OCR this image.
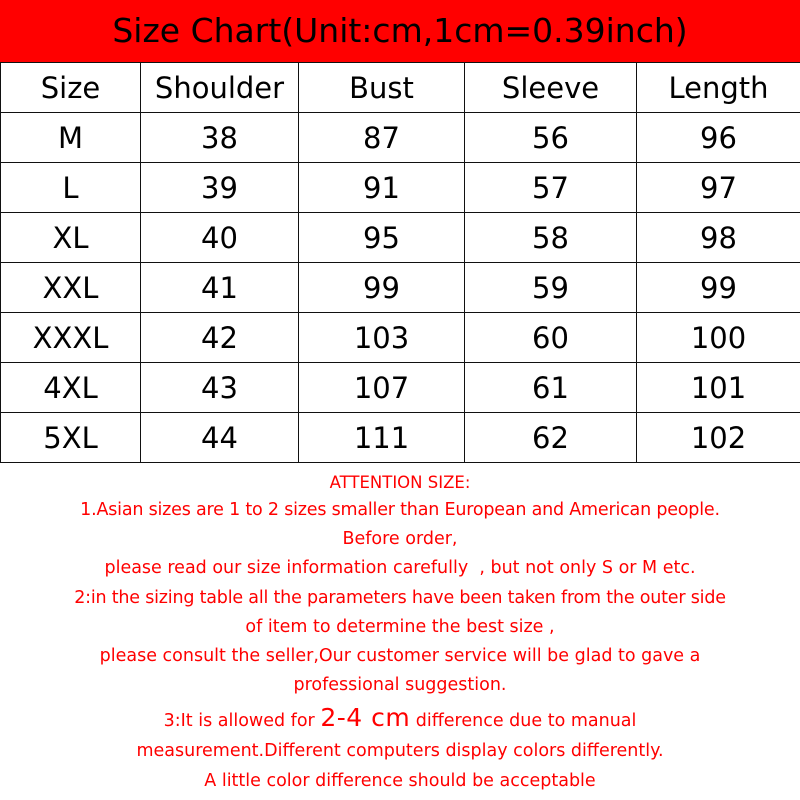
Size Chart(Unit:cm,1cm=0.39inch)
Size	Shoulder	Bust	Sleeve	Length
M	38	87	56	96
L	39	91	57	97
XL	40	95	58	98
XXL	41	99	59	99
XXXL	42	103	60	100
4XL	43	107	61	101
5XL	44	111	62	102
ATTENTION SIZE:
1.Asian sizes are 1 to 2 sizes smaller than European and American people.
Before order,
please read our size information carefully  , but not only S or M etc.
2:in the sizing table all the parameters have been taken from the outer side
of item to determine the best size ,
please consult the seller,Our customer service will be glad to gave a
professional suggestion.
3:It is allowed for 2-4 cm difference due to manual
measurement.Different computers display colors differently.
A little color difference should be acceptable
